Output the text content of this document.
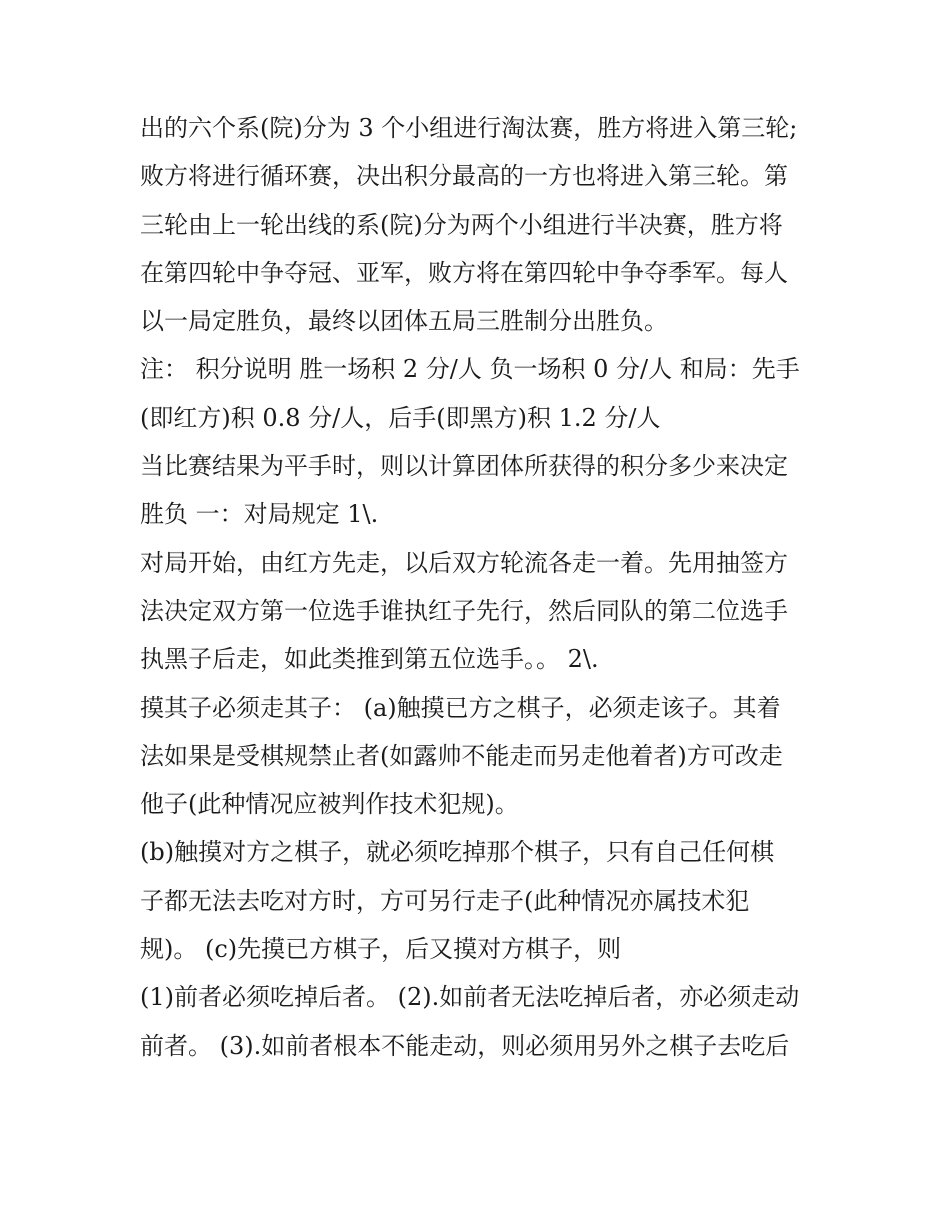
出的六个系(院)分为 3 个小组进行淘汰赛，胜方将进入第三轮;
败方将进行循环赛，决出积分最高的一方也将进入第三轮。第
三轮由上一轮出线的系(院)分为两个小组进行半决赛，胜方将
在第四轮中争夺冠、亚军，败方将在第四轮中争夺季军。每人
以一局定胜负，最终以团体五局三胜制分出胜负。
注： 积分说明 胜一场积 2 分/人 负一场积 0 分/人 和局：先手
(即红方)积 0.8 分/人，后手(即黑方)积 1.2 分/人
当比赛结果为平手时，则以计算团体所获得的积分多少来决定
胜负 一：对局规定 1\.
对局开始，由红方先走，以后双方轮流各走一着。先用抽签方
法决定双方第一位选手谁执红子先行，然后同队的第二位选手
执黑子后走，如此类推到第五位选手。。 2\.
摸其子必须走其子： (a)触摸已方之棋子，必须走该子。其着
法如果是受棋规禁止者(如露帅不能走而另走他着者)方可改走
他子(此种情况应被判作技术犯规)。
(b)触摸对方之棋子，就必须吃掉那个棋子，只有自己任何棋
子都无法去吃对方时，方可另行走子(此种情况亦属技术犯
规)。 (c)先摸已方棋子，后又摸对方棋子，则
(1)前者必须吃掉后者。 (2).如前者无法吃掉后者，亦必须走动
前者。 (3).如前者根本不能走动，则必须用另外之棋子去吃后
